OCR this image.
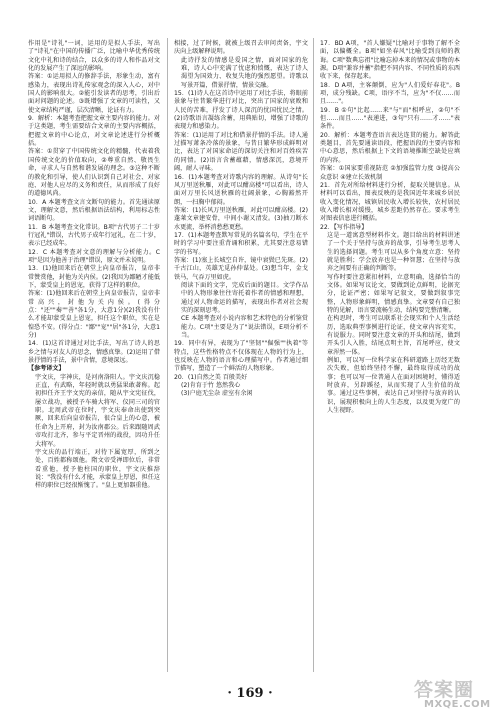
作用是"诗礼"一词，运用的是拟人手法，写出了"诗礼"在中国的传播广泛，比喻中华优秀传统文化中礼和诗的结合，以众多的诗人和作品对文化的发展产生了深远的影响。

答案：①运用拟人的修辞手法，形象生动，富有感染力，表现出诗礼传家观念的深入人心，对中国人的影响很大。②能引发读者的思考，引出后面对问题的论述。③既增强了文章的可读性，又使文章结构严谨，层次清晰，论证有力。

9．解析：本题考查把握文章主要内容的能力。对于这类题，考生需要结合文章的主要内容概括，把握文章的中心论点，对文章论述进行分析概括。

答案：①贯穿了中国传统文化的精髓，代表着我国传统文化的价值取向，②尊重自然、敬畏生命，寻求人与自然和谐发展的理念。③这种不断的教化和引导，使人们认识到自己对社会、对家庭、对他人应尽的义务和责任，从而形成了良好的道德风尚。

10．A 本题考查文言文断句的能力。首先通读原文，理解文意，然后根据语法结构，利用标志性词语断句。

11．B 本题考查文化常识。B项"古代男子二十岁行冠礼"错误，古代男子成年行冠礼，在二十岁，表示已经成年。

12．C 本题考查对文意的理解与分析能力。C项"是因为他善于治理"错误，原文并未说明。

13．(1)他回来后在朝堂上向皇帝报告，皇帝非常赞赏他，封他为关内侯。(2)我因为鄙陋才能低下，蒙受皇上的恩宠，获得了这样的职位。

答案：(1)他回来后在朝堂上向皇帝报告，皇帝非常高兴，封他为关内侯。(得分点："还""奏""善"各1分，大意1分)(2)我没有什么才能却蒙受皇上恩宠，担任这个职位，实在是惶恐不安。(得分点："鄙""宠""居"各1分，大意1分)

14．(1)这首诗通过对比手法，写出了诗人的思乡之情与对友人的思念，情感真挚。(2)运用了借景抒情的手法，景中含情，意境深远。

【参考译文】

宇文庆，字神庆，是河南洛阳人。宇文庆沉稳正直，有武略，年轻时就以勇猛果敢著称。起初担任齐王宇文宪的亲信，随从宇文宪征伐，屡立战功，被授予车骑大将军、仪同三司的官职。北周武帝在位时，宇文庆奉命出使到突厥，回来后向皇帝报告，很合皇上的心意，被任命为上开府，封为汝南郡公。后来跟随周武帝攻打北齐，参与平定晋州的战役，因功升任大将军。

宇文庆的品行端正，对待下属宽厚，所到之处，百姓都称颂他。隋文帝受禅即位后，非常看重他，授予他柱国的职位，宇文庆推辞说："我没有什么才能，承蒙皇上厚恩，担任这样的职位已经很惭愧了。"皇上更加器重他。

相接，过了时候，就被上级召去审问责备，宇文庆向上级解释说明。

此诗抒发的情感是爱国之情，面对国家的危难，诗人心中充满了忧虑和愤慨，表达了诗人渴望为国效力、收复失地的强烈愿望。诗歌以写景开篇，借景抒情，情景交融。

15．(1)诗人在这首诗中运用了对比手法，将眼前景象与往昔繁华进行对比，突出了国家的衰败和人民的苦难，抒发了诗人深沉的忧国忧民之情。(2)诗歌语言凝练含蓄，用典贴切，增强了诗歌的表现力和感染力。

答案：(1)运用了对比和借景抒情的手法。诗人通过描写萧条冷落的景象，与昔日繁华形成鲜明对比，表达了对国家命运的深切关注和对百姓疾苦的同情。(2)语言含蓄蕴藉，情感深沉，意境开阔，耐人寻味。

16．(1)本题考查对诗歌内容的理解。从诗句"长风万里送秋雁，对此可以酣高楼"可以看出，诗人面对万里长风送秋雁的壮阔景象，心胸豁然开朗，一扫胸中郁闷。

答案：(1)长风万里送秋雁，对此可以酣高楼。(2)蓬莱文章建安骨，中间小谢又清发。(3)抽刀断水水更流，举杯消愁愁更愁。

17．(1)本题考查默写常见的名篇名句，学生在平时的学习中要注重背诵和积累，尤其要注意易错字的书写。

答案：(1)塞上长城空自许，镜中衰鬓已先斑。(2)千古江山，英雄无觅孙仲谋处。(3)想当年，金戈铁马，气吞万里如虎。

阅读下面的文字，完成后面的题目。文学作品中的人物形象往往寄托着作者的情感和理想，通过对人物命运的描写，表现出作者对社会现实的深刻思考。

CE 本题考查对小说内容和艺术特色的分析鉴赏能力。C项"主要是为了"说法错误，E项分析不当。

19．同中有异，表现为了"坚韧""倔强""执着"等特点，这些性格特点不仅体现在人物的行为上，也反映在人物的语言和心理描写中。作者通过细节描写，塑造了一个鲜活的人物形象。

20．(1)自然之美 百般美好

(2)肯育于竹 悠然我心

(3)户庭无尘杂 虚室有余闲

17．BD A项，"首人嫌疑"比喻对于事物了解不全面，以偏概全。B项"如坐春风"比喻受到良师的教诲。C项"数典忘祖"比喻忘掉本来的情况或事物的本源。D项"兼容并蓄"指把不同内容、不同性质的东西收下来，保存起来。

18．D A项，主客颠倒，应为"人们爱好春花"。B项，成分残缺。C项，语序不当，应为"不仅……而且……"。

19．B ①句"比起……来"与"而"相呼应，②句"不但……而且……"表递进，③句"只有……才……"表条件。

20．解析：本题考查语言表达连贯的能力。解答此类题目，首先要通读语段，把握语段的主要内容和中心意思，然后根据上下文的语境推断空缺处应填的内容。

答案：①国家要重视防范 ②加强监管力度 ③提高公众意识 ④建立长效机制

21．首先对所给材料进行分析，提取关键信息。从材料可以看出，图表反映的是我国近年来城乡居民收入变化情况，城镇居民收入增长较快，农村居民收入增长相对缓慢，城乡差距仍然存在。要求考生对图表信息进行概括。

22．【写作指导】

这是一道寓意型材料作文。题目给出的材料讲述了一个关于坚持与放弃的故事，引导考生思考人生的选择问题。考生可以从多个角度立意：坚持就是胜利；学会放弃也是一种智慧；在坚持与放弃之间要有正确的判断等。

写作时要注意紧扣材料，立意明确，选择恰当的文体。如果写议论文，要做到论点鲜明，论据充分，论证严密；如果写记叙文，要做到叙事完整，人物形象鲜明，情感真挚。文章要有自己独特的见解，语言要流畅生动，结构要完整清晰。

在构思时，考生可以联系社会现实和个人生活经历，选取典型事例进行论证，使文章内容充实，有说服力。同时要注意文章的开头和结尾，做到开头引人入胜，结尾点明主旨，首尾呼应，使文章浑然一体。

例如，可以写一位科学家在科研道路上历经无数次失败，但始终坚持不懈，最终取得成功的故事；也可以写一位普通人在面对困境时，懂得适时放弃，另辟蹊径，从而实现了人生价值的故事。通过这些事例，表达自己对坚持与放弃的认识，展现积极向上的人生态度，以及更为宽广的人生视野。

· 169 ·	答案圈
MXQE.COM
